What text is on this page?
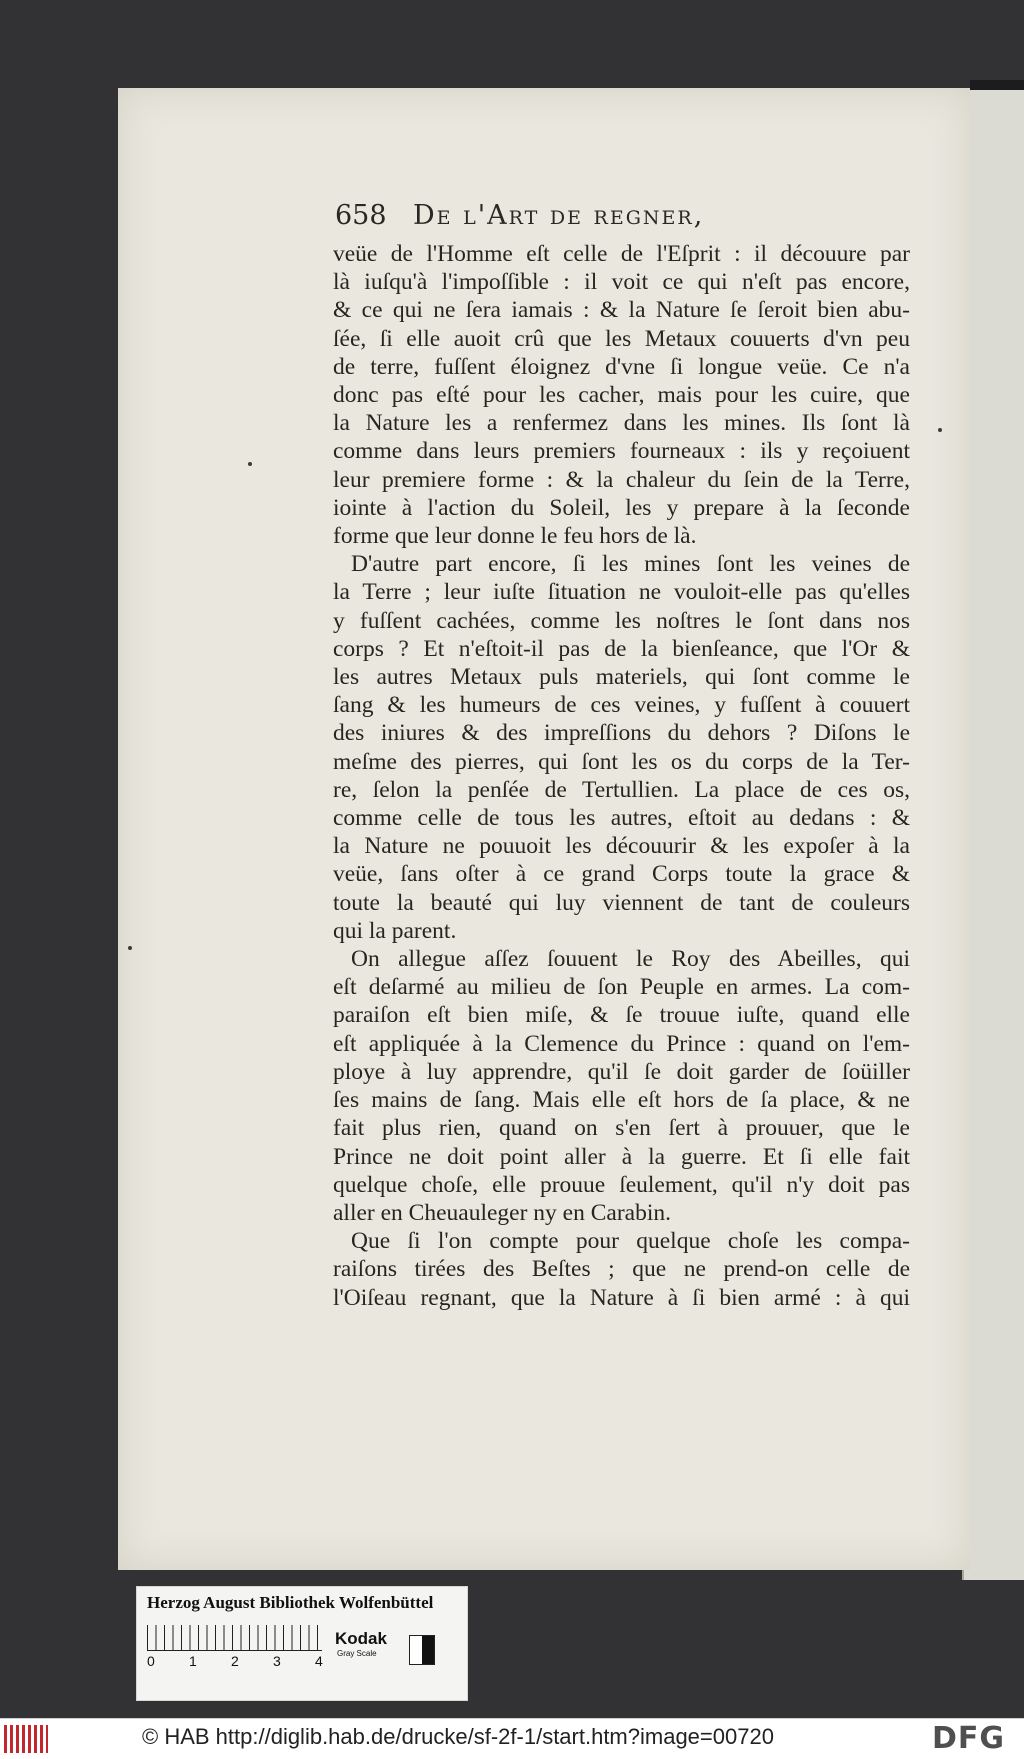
658 De l'Art de regner,
veüe de l'Homme eſt celle de l'Eſprit : il découure par
là iuſqu'à l'impoſſible : il voit ce qui n'eſt pas encore,
& ce qui ne ſera iamais : & la Nature ſe ſeroit bien abu-
ſée, ſi elle auoit crû que les Metaux couuerts d'vn peu
de terre, fuſſent éloignez d'vne ſi longue veüe. Ce n'a
donc pas eſté pour les cacher, mais pour les cuire, que
la Nature les a renfermez dans les mines. Ils ſont là
comme dans leurs premiers fourneaux : ils y reçoiuent
leur premiere forme : & la chaleur du ſein de la Terre,
iointe à l'action du Soleil, les y prepare à la ſeconde
forme que leur donne le feu hors de là.
D'autre part encore, ſi les mines ſont les veines de
la Terre ; leur iuſte ſituation ne vouloit-elle pas qu'elles
y fuſſent cachées, comme les noſtres le ſont dans nos
corps ? Et n'eſtoit-il pas de la bienſeance, que l'Or &
les autres Metaux puls materiels, qui ſont comme le
ſang & les humeurs de ces veines, y fuſſent à couuert
des iniures & des impreſſions du dehors ? Diſons le
meſme des pierres, qui ſont les os du corps de la Ter-
re, ſelon la penſée de Tertullien. La place de ces os,
comme celle de tous les autres, eſtoit au dedans : &
la Nature ne pouuoit les découurir & les expoſer à la
veüe, ſans oſter à ce grand Corps toute la grace &
toute la beauté qui luy viennent de tant de couleurs
qui la parent.
On allegue aſſez ſouuent le Roy des Abeilles, qui
eſt deſarmé au milieu de ſon Peuple en armes. La com-
paraiſon eſt bien miſe, & ſe trouue iuſte, quand elle
eſt appliquée à la Clemence du Prince : quand on l'em-
ploye à luy apprendre, qu'il ſe doit garder de ſoüiller
ſes mains de ſang. Mais elle eſt hors de ſa place, & ne
fait plus rien, quand on s'en ſert à prouuer, que le
Prince ne doit point aller à la guerre. Et ſi elle fait
quelque choſe, elle prouue ſeulement, qu'il n'y doit pas
aller en Cheuauleger ny en Carabin.
Que ſi l'on compte pour quelque choſe les compa-
raiſons tirées des Beſtes ; que ne prend-on celle de
l'Oiſeau regnant, que la Nature à ſi bien armé : à qui
Herzog August Bibliothek Wolfenbüttel
0 1 2 3 4
Kodak
Gray Scale
© HAB http://diglib.hab.de/drucke/sf-2f-1/start.htm?image=00720	DFG
